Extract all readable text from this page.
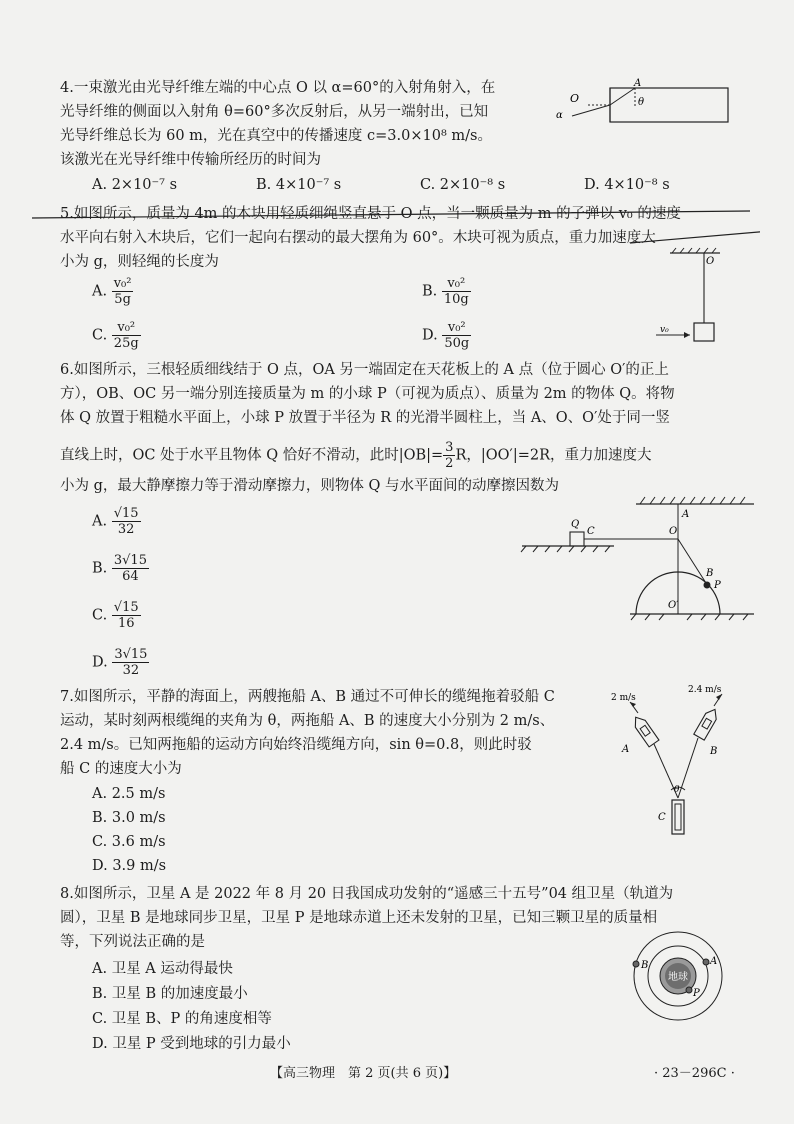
4.一束激光由光导纤维左端的中心点 O 以 α=60°的入射角射入，在
光导纤维的侧面以入射角 θ=60°多次反射后，从另一端射出，已知
光导纤维总长为 60 m，光在真空中的传播速度 c=3.0×10⁸ m/s。
该激光在光导纤维中传输所经历的时间为
A. 2×10⁻⁷ s	B. 4×10⁻⁷ s	C. 2×10⁻⁸ s	D. 4×10⁻⁸ s
O
A
α
θ
5.如图所示，质量为 4m 的木块用轻质细绳竖直悬于 O 点，当一颗质量为 m 的子弹以 v₀ 的速度
水平向右射入木块后，它们一起向右摆动的最大摆角为 60°。木块可视为质点，重力加速度大
小为 g，则轻绳的长度为
A. $\frac{\text{v₀²}}{5g}$	B. $\frac{\text{v₀²}}{10g}$
C. $\frac{\text{v₀²}}{25g}$	D. $\frac{\text{v₀²}}{50g}$
O
v₀
6.如图所示，三根轻质细线结于 O 点，OA 另一端固定在天花板上的 A 点（位于圆心 O′的正上
方），OB、OC 另一端分别连接质量为 m 的小球 P（可视为质点）、质量为 2m 的物体 Q。将物
体 Q 放置于粗糙水平面上，小球 P 放置于半径为 R 的光滑半圆柱上，当 A、O、O′处于同一竖
直线上时，OC 处于水平且物体 Q 恰好不滑动，此时$|OB|= \frac{3}{2}$ R，|OO′|=2R，重力加速度大
小为 g，最大静摩擦力等于滑动摩擦力，则物体 Q 与水平面间的动摩擦因数为
A. $\frac{√15}{32}$
B. $\frac{3√15}{64}$
C. $\frac{√15}{16}$
D. $\frac{3√15}{32}$
Q
C
A
O
B
P
O′
7.如图所示，平静的海面上，两艘拖船 A、B 通过不可伸长的缆绳拖着驳船 C
运动，某时刻两根缆绳的夹角为 θ，两拖船 A、B 的速度大小分别为 2 m/s、
2.4 m/s。已知两拖船的运动方向始终沿缆绳方向，sin θ=0.8，则此时驳
船 C 的速度大小为
A. 2.5 m/s
B. 3.0 m/s
C. 3.6 m/s
D. 3.9 m/s
2 m/s
2.4 m/s
A	B
C
θ
8.如图所示，卫星 A 是 2022 年 8 月 20 日我国成功发射的“遥感三十五号”04 组卫星（轨道为
圆），卫星 B 是地球同步卫星，卫星 P 是地球赤道上还未发射的卫星，已知三颗卫星的质量相
等，下列说法正确的是
A. 卫星 A 运动得最快
B. 卫星 B 的加速度最小
C. 卫星 B、P 的角速度相等
D. 卫星 P 受到地球的引力最小
地球
B	A
P
【高三物理　第 2 页(共 6 页)】	· 23－296C ·
